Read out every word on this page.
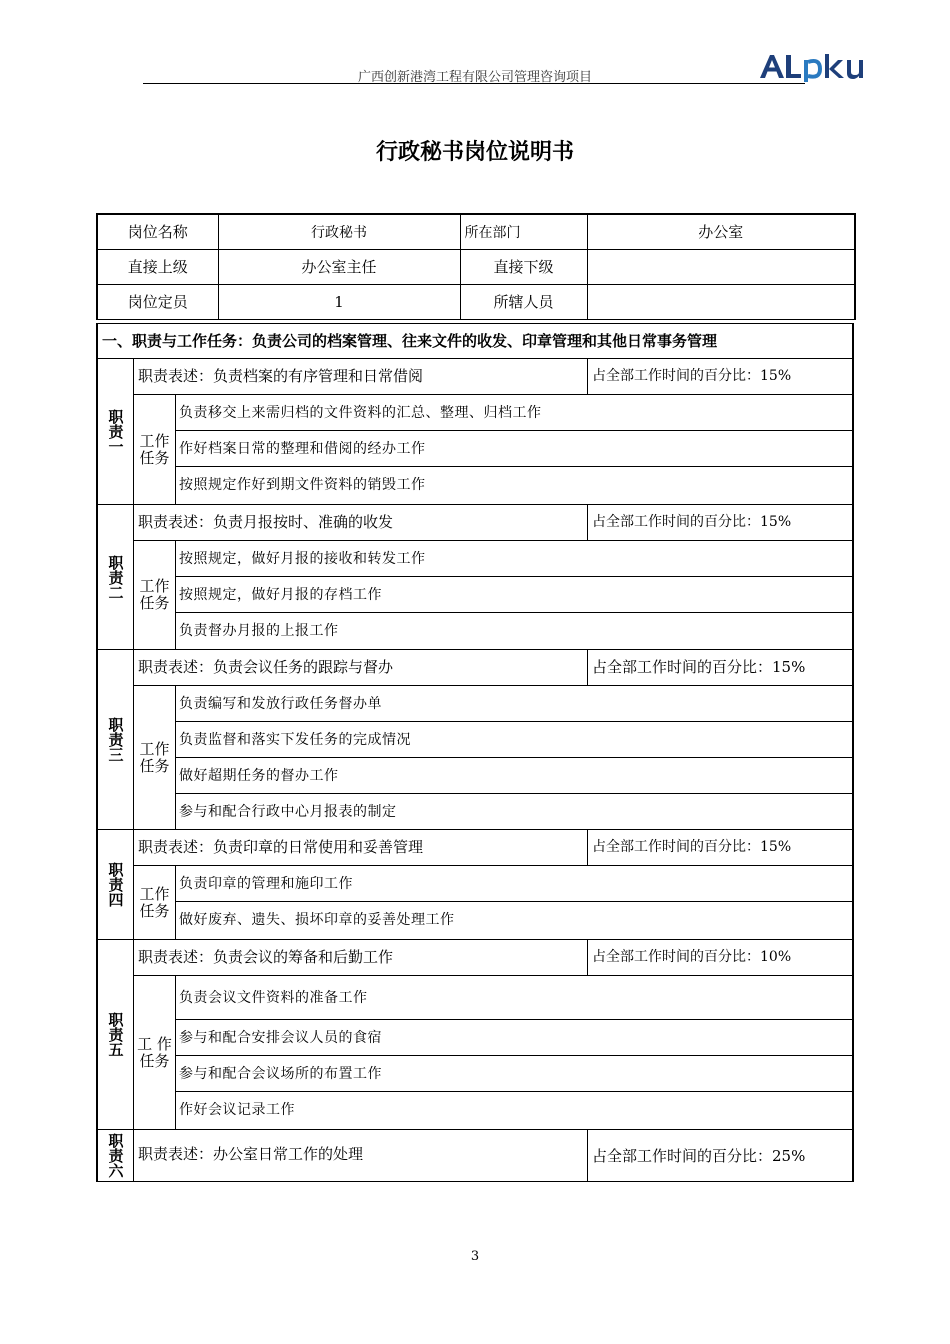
广西创新港湾工程有限公司管理咨询项目
行政秘书岗位说明书
岗位名称	行政秘书	所在部门	办公室
直接上级	办公室主任	直接下级	
岗位定员	1	所辖人员	
一、职责与工作任务：负责公司的档案管理、往来文件的收发、印章管理和其他日常事务管理
职责一
职责表述：负责档案的有序管理和日常借阅	占全部工作时间的百分比：15%
工作任务
负责移交上来需归档的文件资料的汇总、整理、归档工作
作好档案日常的整理和借阅的经办工作
按照规定作好到期文件资料的销毁工作
职责二
职责表述：负责月报按时、准确的收发	占全部工作时间的百分比：15%
工作任务
按照规定，做好月报的接收和转发工作
按照规定，做好月报的存档工作
负责督办月报的上报工作
职责三
职责表述：负责会议任务的跟踪与督办	占全部工作时间的百分比：15%
工作任务
负责编写和发放行政任务督办单
负责监督和落实下发任务的完成情况
做好超期任务的督办工作
参与和配合行政中心月报表的制定
职责四
职责表述：负责印章的日常使用和妥善管理	占全部工作时间的百分比：15%
工作任务
负责印章的管理和施印工作
做好废弃、遗失、损坏印章的妥善处理工作
职责五
职责表述：负责会议的筹备和后勤工作	占全部工作时间的百分比：10%
工 作任务
负责会议文件资料的准备工作
参与和配合安排会议人员的食宿
参与和配合会议场所的布置工作
作好会议记录工作
职责六 职责表述：办公室日常工作的处理	占全部工作时间的百分比：25%
3
